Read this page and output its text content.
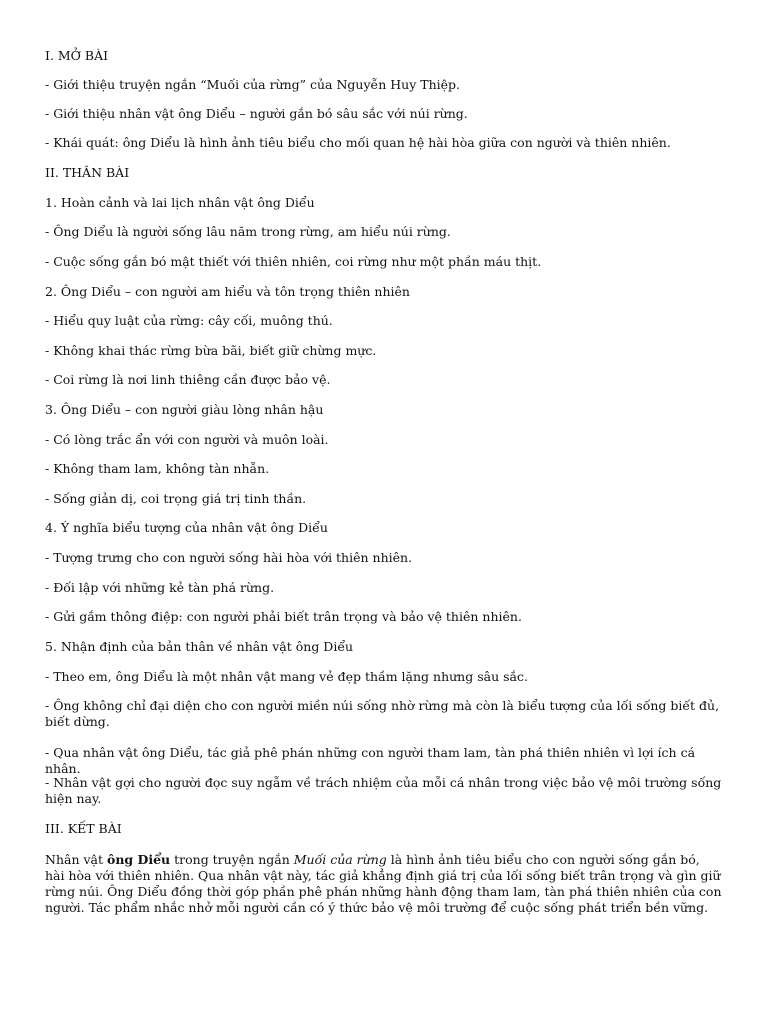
I. MỞ BÀI

- Giới thiệu truyện ngắn “Muối của rừng” của Nguyễn Huy Thiệp.

- Giới thiệu nhân vật ông Diểu – người gắn bó sâu sắc với núi rừng.

- Khái quát: ông Diểu là hình ảnh tiêu biểu cho mối quan hệ hài hòa giữa con người và thiên nhiên.

II. THÂN BÀI

1. Hoàn cảnh và lai lịch nhân vật ông Diểu

- Ông Diểu là người sống lâu năm trong rừng, am hiểu núi rừng.

- Cuộc sống gắn bó mật thiết với thiên nhiên, coi rừng như một phần máu thịt.

2. Ông Diểu – con người am hiểu và tôn trọng thiên nhiên

- Hiểu quy luật của rừng: cây cối, muông thú.

- Không khai thác rừng bừa bãi, biết giữ chừng mực.

- Coi rừng là nơi linh thiêng cần được bảo vệ.

3. Ông Diểu – con người giàu lòng nhân hậu

- Có lòng trắc ẩn với con người và muôn loài.

- Không tham lam, không tàn nhẫn.

- Sống giản dị, coi trọng giá trị tinh thần.

4. Ý nghĩa biểu tượng của nhân vật ông Diểu

- Tượng trưng cho con người sống hài hòa với thiên nhiên.

- Đối lập với những kẻ tàn phá rừng.

- Gửi gắm thông điệp: con người phải biết trân trọng và bảo vệ thiên nhiên.

5. Nhận định của bản thân về nhân vật ông Diểu

- Theo em, ông Diểu là một nhân vật mang vẻ đẹp thầm lặng nhưng sâu sắc.

- Ông không chỉ đại diện cho con người miền núi sống nhờ rừng mà còn là biểu tượng của lối sống biết đủ, biết dừng.

- Qua nhân vật ông Diểu, tác giả phê phán những con người tham lam, tàn phá thiên nhiên vì lợi ích cá nhân.

- Nhân vật gợi cho người đọc suy ngẫm về trách nhiệm của mỗi cá nhân trong việc bảo vệ môi trường sống hiện nay.

III. KẾT BÀI

Nhân vật ông Diểu trong truyện ngắn Muối của rừng là hình ảnh tiêu biểu cho con người sống gắn bó, hài hòa với thiên nhiên. Qua nhân vật này, tác giả khẳng định giá trị của lối sống biết trân trọng và gìn giữ rừng núi. Ông Diểu đồng thời góp phần phê phán những hành động tham lam, tàn phá thiên nhiên của con người. Tác phẩm nhắc nhở mỗi người cần có ý thức bảo vệ môi trường để cuộc sống phát triển bền vững.
